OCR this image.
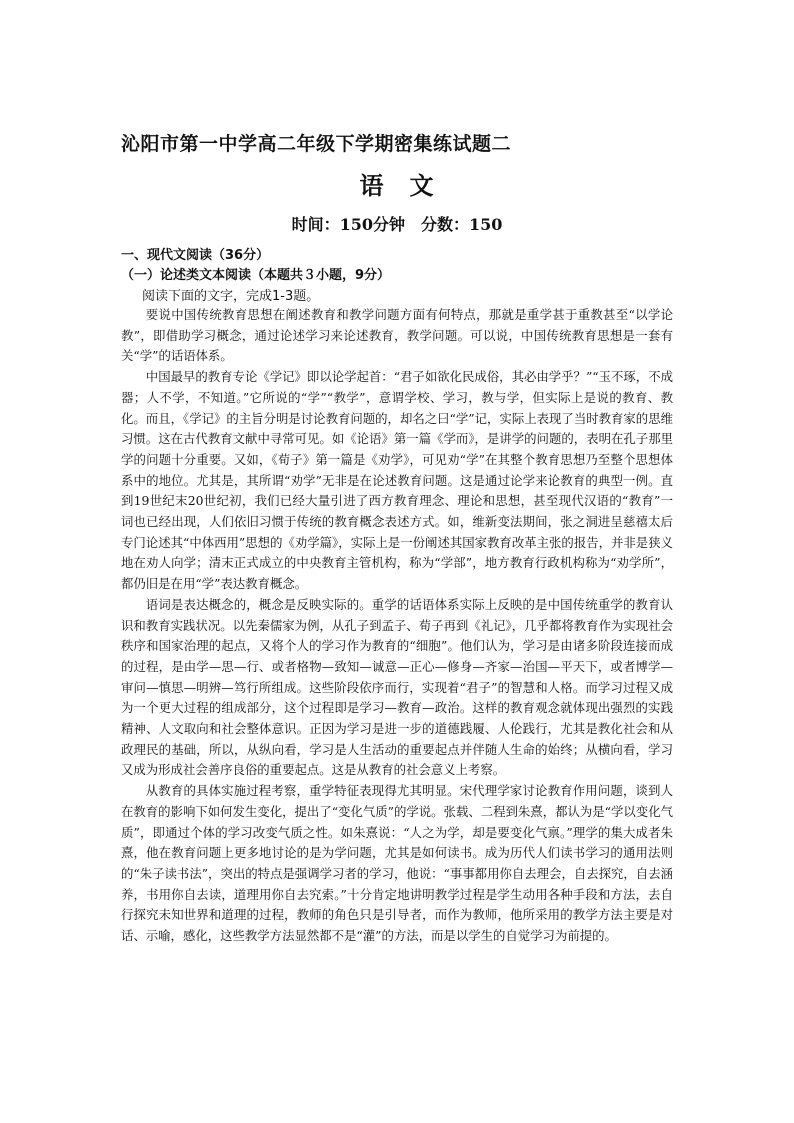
沁阳市第一中学高二年级下学期密集练试题二
语　文
时间：150分钟　分数：150
一、现代文阅读（36分）
（一）论述类文本阅读（本题共３小题，9分）
阅读下面的文字，完成1-3题。

要说中国传统教育思想在阐述教育和教学问题方面有何特点，那就是重学甚于重教甚至“以学论教”，即借助学习概念，通过论述学习来论述教育，教学问题。可以说，中国传统教育思想是一套有关“学”的话语体系。

中国最早的教育专论《学记》即以论学起首：“君子如欲化民成俗，其必由学乎？”“玉不琢，不成器；人不学，不知道。”它所说的“学”“教学”，意谓学校、学习，教与学，但实际上是说的教育、教化。而且，《学记》的主旨分明是讨论教育问题的，却名之曰“学”记，实际上表现了当时教育家的思维习惯。这在古代教育文献中寻常可见。如《论语》第一篇《学而》，是讲学的问题的，表明在孔子那里学的问题十分重要。又如，《荀子》第一篇是《劝学》，可见劝“学”在其整个教育思想乃至整个思想体系中的地位。尤其是，其所谓“劝学”无非是在论述教育问题。这是通过论学来论教育的典型一例。直到19世纪末20世纪初，我们已经大量引进了西方教育理念、理论和思想，甚至现代汉语的“教育”一词也已经出现，人们依旧习惯于传统的教育概念表述方式。如，维新变法期间，张之洞进呈慈禧太后专门论述其“中体西用”思想的《劝学篇》，实际上是一份阐述其国家教育改革主张的报告，并非是狭义地在劝人向学；清末正式成立的中央教育主管机构，称为“学部”，地方教育行政机构称为“劝学所”，都仍旧是在用“学”表达教育概念。

语词是表达概念的，概念是反映实际的。重学的话语体系实际上反映的是中国传统重学的教育认识和教育实践状况。以先秦儒家为例，从孔子到孟子、荀子再到《礼记》，几乎都将教育作为实现社会秩序和国家治理的起点，又将个人的学习作为教育的“细胞”。他们认为，学习是由诸多阶段连接而成的过程，是由学—思—行、或者格物—致知—诚意—正心—修身—齐家—治国—平天下，或者博学—审问—慎思—明辨—笃行所组成。这些阶段依序而行，实现着“君子”的智慧和人格。而学习过程又成为一个更大过程的组成部分，这个过程即是学习—教育—政治。这样的教育观念就体现出强烈的实践精神、人文取向和社会整体意识。正因为学习是进一步的道德践履、人伦践行，尤其是教化社会和从政理民的基础，所以，从纵向看，学习是人生活动的重要起点并伴随人生命的始终；从横向看，学习又成为形成社会善序良俗的重要起点。这是从教育的社会意义上考察。

从教育的具体实施过程考察，重学特征表现得尤其明显。宋代理学家讨论教育作用问题，谈到人在教育的影响下如何发生变化，提出了“变化气质”的学说。张载、二程到朱熹，都认为是“学以变化气质”，即通过个体的学习改变气质之性。如朱熹说：“人之为学，却是要变化气禀。”理学的集大成者朱熹，他在教育问题上更多地讨论的是为学问题，尤其是如何读书。成为历代人们读书学习的通用法则的“朱子读书法”，突出的特点是强调学习者的学习，他说：“事事都用你自去理会，自去探究，自去涵养，书用你自去读，道理用你自去究索。”十分肯定地讲明教学过程是学生动用各种手段和方法，去自行探究未知世界和道理的过程，教师的角色只是引导者，而作为教师，他所采用的教学方法主要是对话、示喻，感化，这些教学方法显然都不是“灌”的方法，而是以学生的自觉学习为前提的。
